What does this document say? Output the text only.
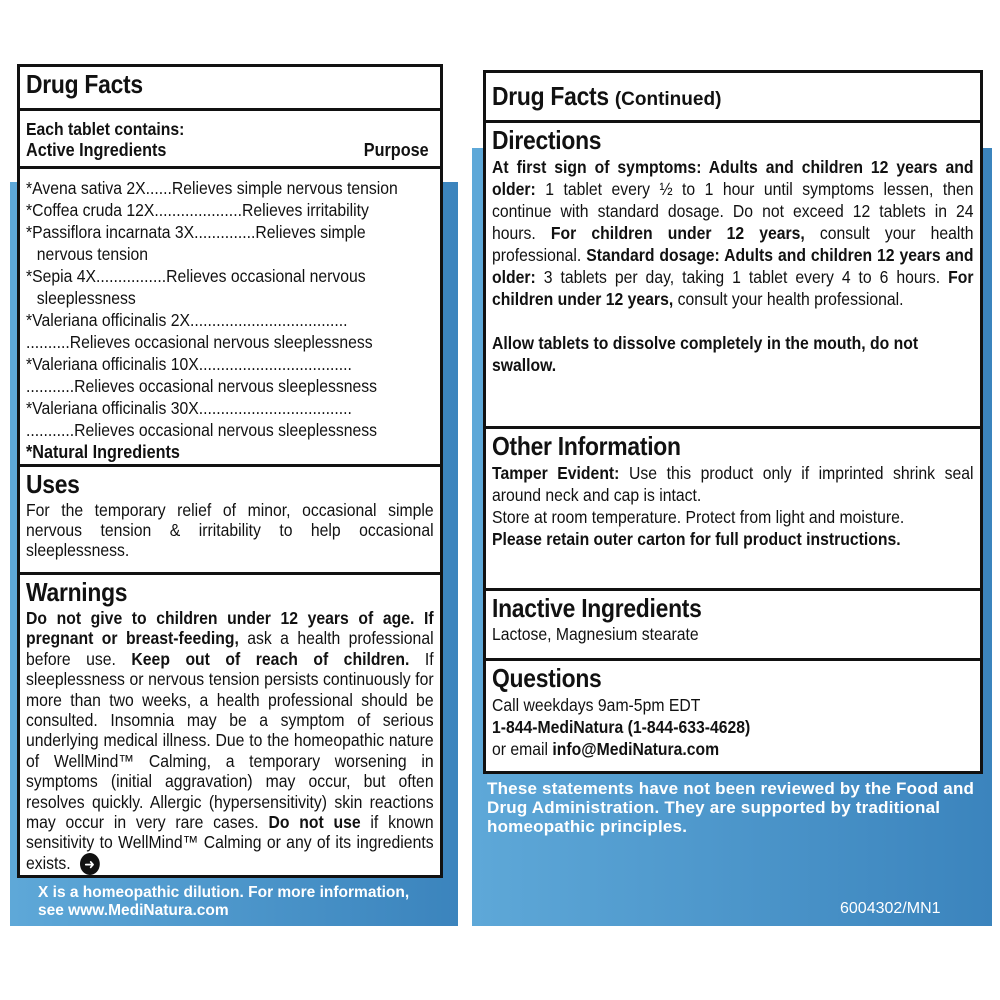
Drug Facts
Each tablet contains:
Active Ingredients	Purpose
*Avena sativa 2X......Relieves simple nervous tension
*Coffea cruda 12X....................Relieves irritability
*Passiflora incarnata 3X..............Relieves simple
nervous tension
*Sepia 4X................Relieves occasional nervous
sleeplessness
*Valeriana officinalis 2X....................................
..........Relieves occasional nervous sleeplessness
*Valeriana officinalis 10X...................................
...........Relieves occasional nervous sleeplessness
*Valeriana officinalis 30X...................................
...........Relieves occasional nervous sleeplessness
*Natural Ingredients
Uses
For the temporary relief of minor, occasional simple nervous tension & irritability to help occasional sleeplessness.
Warnings
Do not give to children under 12 years of age. If pregnant or breast-feeding, ask a health professional before use. Keep out of reach of children. If sleeplessness or nervous tension persists continuously for more than two weeks, a health professional should be consulted. Insomnia may be a symptom of serious underlying medical illness. Due to the homeopathic nature of WellMind™ Calming, a temporary worsening in symptoms (initial aggravation) may occur, but often resolves quickly. Allergic (hypersensitivity) skin reactions may occur in very rare cases. Do not use if known sensitivity to WellMind™ Calming or any of its ingredients exists. ➜
X is a homeopathic dilution. For more information, see www.MediNatura.com
Drug Facts (Continued)
Directions
At first sign of symptoms: Adults and children 12 years and older: 1 tablet every ½ to 1 hour until symptoms lessen, then continue with standard dosage. Do not exceed 12 tablets in 24 hours. For children under 12 years, consult your health professional. Standard dosage: Adults and children 12 years and older: 3 tablets per day, taking 1 tablet every 4 to 6 hours. For children under 12 years, consult your health professional.
Allow tablets to dissolve completely in the mouth, do not swallow.
Other Information
Tamper Evident: Use this product only if imprinted shrink seal around neck and cap is intact.
Store at room temperature. Protect from light and moisture.
Please retain outer carton for full product instructions.
Inactive Ingredients
Lactose, Magnesium stearate
Questions
Call weekdays 9am-5pm EDT
1-844-MediNatura (1-844-633-4628)
or email info@MediNatura.com
These statements have not been reviewed by the Food and Drug Administration. They are supported by traditional homeopathic principles.
6004302/MN1
